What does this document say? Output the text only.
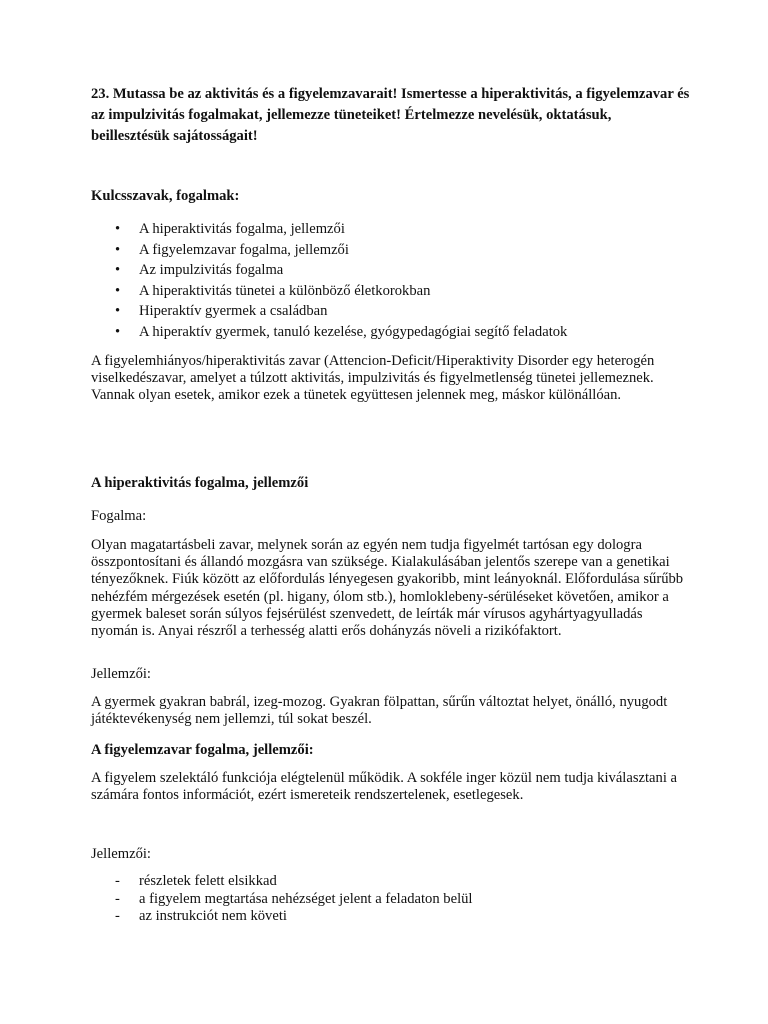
23. Mutassa be az aktivitás és a figyelemzavarait! Ismertesse a hiperaktivitás, a figyelemzavar és az impulzivitás fogalmakat, jellemezze tüneteiket! Értelmezze nevelésük, oktatásuk, beillesztésük sajátosságait!
Kulcsszavak, fogalmak:
• A hiperaktivitás fogalma, jellemzői
• A figyelemzavar fogalma, jellemzői
• Az impulzivitás fogalma
• A hiperaktivitás tünetei a különböző életkorokban
• Hiperaktív gyermek a családban
• A hiperaktív gyermek, tanuló kezelése, gyógypedagógiai segítő feladatok

A figyelemhiányos/hiperaktivitás zavar (Attencion-Deficit/Hiperaktivity Disorder egy heterogén viselkedészavar, amelyet a túlzott aktivitás, impulzivitás és figyelmetlenség tünetei jellemeznek. Vannak olyan esetek, amikor ezek a tünetek együttesen jelennek meg, máskor különállóan.

A hiperaktivitás fogalma, jellemzői

Fogalma:

Olyan magatartásbeli zavar, melynek során az egyén nem tudja figyelmét tartósan egy dologra összpontosítani és állandó mozgásra van szüksége. Kialakulásában jelentős szerepe van a genetikai tényezőknek. Fiúk között az előfordulás lényegesen gyakoribb, mint leányoknál. Előfordulása sűrűbb nehézfém mérgezések esetén (pl. higany, ólom stb.), homloklebeny-sérüléseket követően, amikor a gyermek baleset során súlyos fejsérülést szenvedett, de leírták már vírusos agyhártyagyulladás nyomán is. Anyai részről a terhesség alatti erős dohányzás növeli a rizikófaktort.

Jellemzői:

A gyermek gyakran babrál, izeg-mozog. Gyakran fölpattan, sűrűn változtat helyet, önálló, nyugodt játéktevékenység nem jellemzi, túl sokat beszél.

A figyelemzavar fogalma, jellemzői:

A figyelem szelektáló funkciója elégtelenül működik. A sokféle inger közül nem tudja kiválasztani a számára fontos információt, ezért ismereteik rendszertelenek, esetlegesek.

Jellemzői:

- részletek felett elsikkad
- a figyelem megtartása nehézséget jelent a feladaton belül
- az instrukciót nem követi
